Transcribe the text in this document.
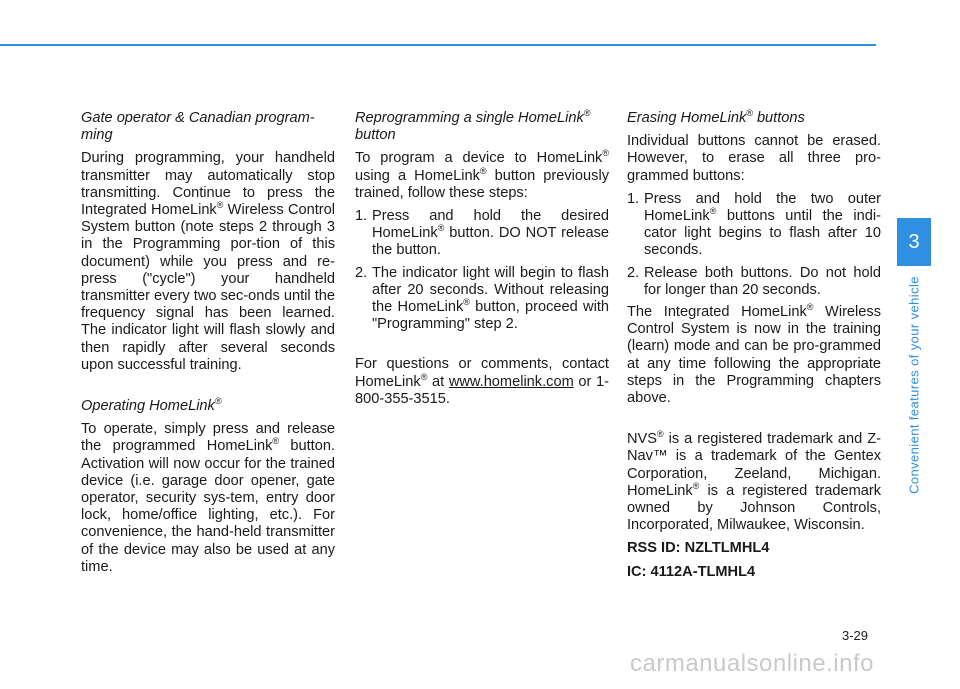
Gate operator & Canadian program-ming
During programming, your handheld transmitter may automatically stop transmitting. Continue to press the Integrated HomeLink® Wireless Control System button (note steps 2 through 3 in the Programming por-tion of this document) while you press and re-press ("cycle") your handheld transmitter every two sec-onds until the frequency signal has been learned. The indicator light will flash slowly and then rapidly after several seconds upon successful training.
Operating HomeLink®
To operate, simply press and release the programmed HomeLink® button. Activation will now occur for the trained device (i.e. garage door opener, gate operator, security sys-tem, entry door lock, home/office lighting, etc.). For convenience, the hand-held transmitter of the device may also be used at any time.
Reprogramming a single HomeLink® button
To program a device to HomeLink® using a HomeLink® button previously trained, follow these steps:
1. Press and hold the desired HomeLink® button. DO NOT release the button.
2. The indicator light will begin to flash after 20 seconds. Without releasing the HomeLink® button, proceed with "Programming" step 2.
For questions or comments, contact HomeLink® at www.homelink.com or 1-800-355-3515.
Erasing HomeLink® buttons
Individual buttons cannot be erased. However, to erase all three pro-grammed buttons:
1. Press and hold the two outer HomeLink® buttons until the indi-cator light begins to flash after 10 seconds.
2. Release both buttons. Do not hold for longer than 20 seconds.
The Integrated HomeLink® Wireless Control System is now in the training (learn) mode and can be pro-grammed at any time following the appropriate steps in the Programming chapters above.
NVS® is a registered trademark and Z-Nav™ is a trademark of the Gentex Corporation, Zeeland, Michigan. HomeLink® is a registered trademark owned by Johnson Controls, Incorporated, Milwaukee, Wisconsin.
RSS ID: NZLTLMHL4
IC: 4112A-TLMHL4
3
Convenient features of your vehicle
3-29
carmanualsonline.info
